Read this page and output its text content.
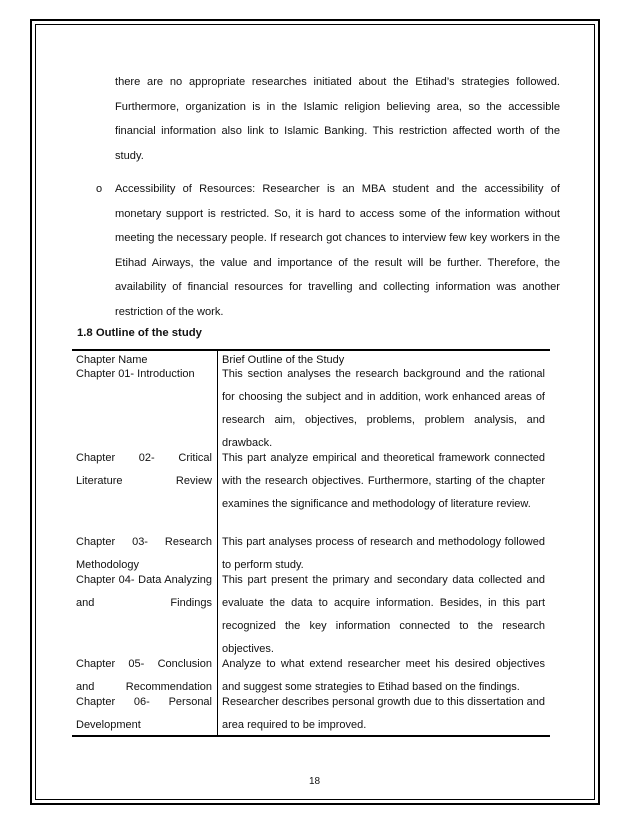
there are no appropriate researches initiated about the Etihad’s strategies followed. Furthermore, organization is in the Islamic religion believing area, so the accessible financial information also link to Islamic Banking. This restriction affected worth of the study.
o Accessibility of Resources: Researcher is an MBA student and the accessibility of monetary support is restricted. So, it is hard to access some of the information without meeting the necessary people. If research got chances to interview few key workers in the Etihad Airways, the value and importance of the result will be further. Therefore, the availability of financial resources for travelling and collecting information was another restriction of the work.
1.8 Outline of the study
Chapter Name	Brief Outline of the Study
Chapter 01- Introduction	This section analyses the research background and the rational for choosing the subject and in addition, work enhanced areas of research aim, objectives, problems, problem analysis, and drawback.
Chapter 02- Critical Literature Review
This part analyze empirical and theoretical framework connected with the research objectives. Furthermore, starting of the chapter examines the significance and methodology of literature review.
Chapter 03- Research Methodology
This part analyses process of research and methodology followed to perform study.
Chapter 04- Data Analyzing and Findings
This part present the primary and secondary data collected and evaluate the data to acquire information. Besides, in this part recognized the key information connected to the research objectives.
Chapter 05- Conclusion and Recommendation
Analyze to what extend researcher meet his desired objectives and suggest some strategies to Etihad based on the findings.
Chapter 06- Personal Development
Researcher describes personal growth due to this dissertation and area required to be improved.
18
